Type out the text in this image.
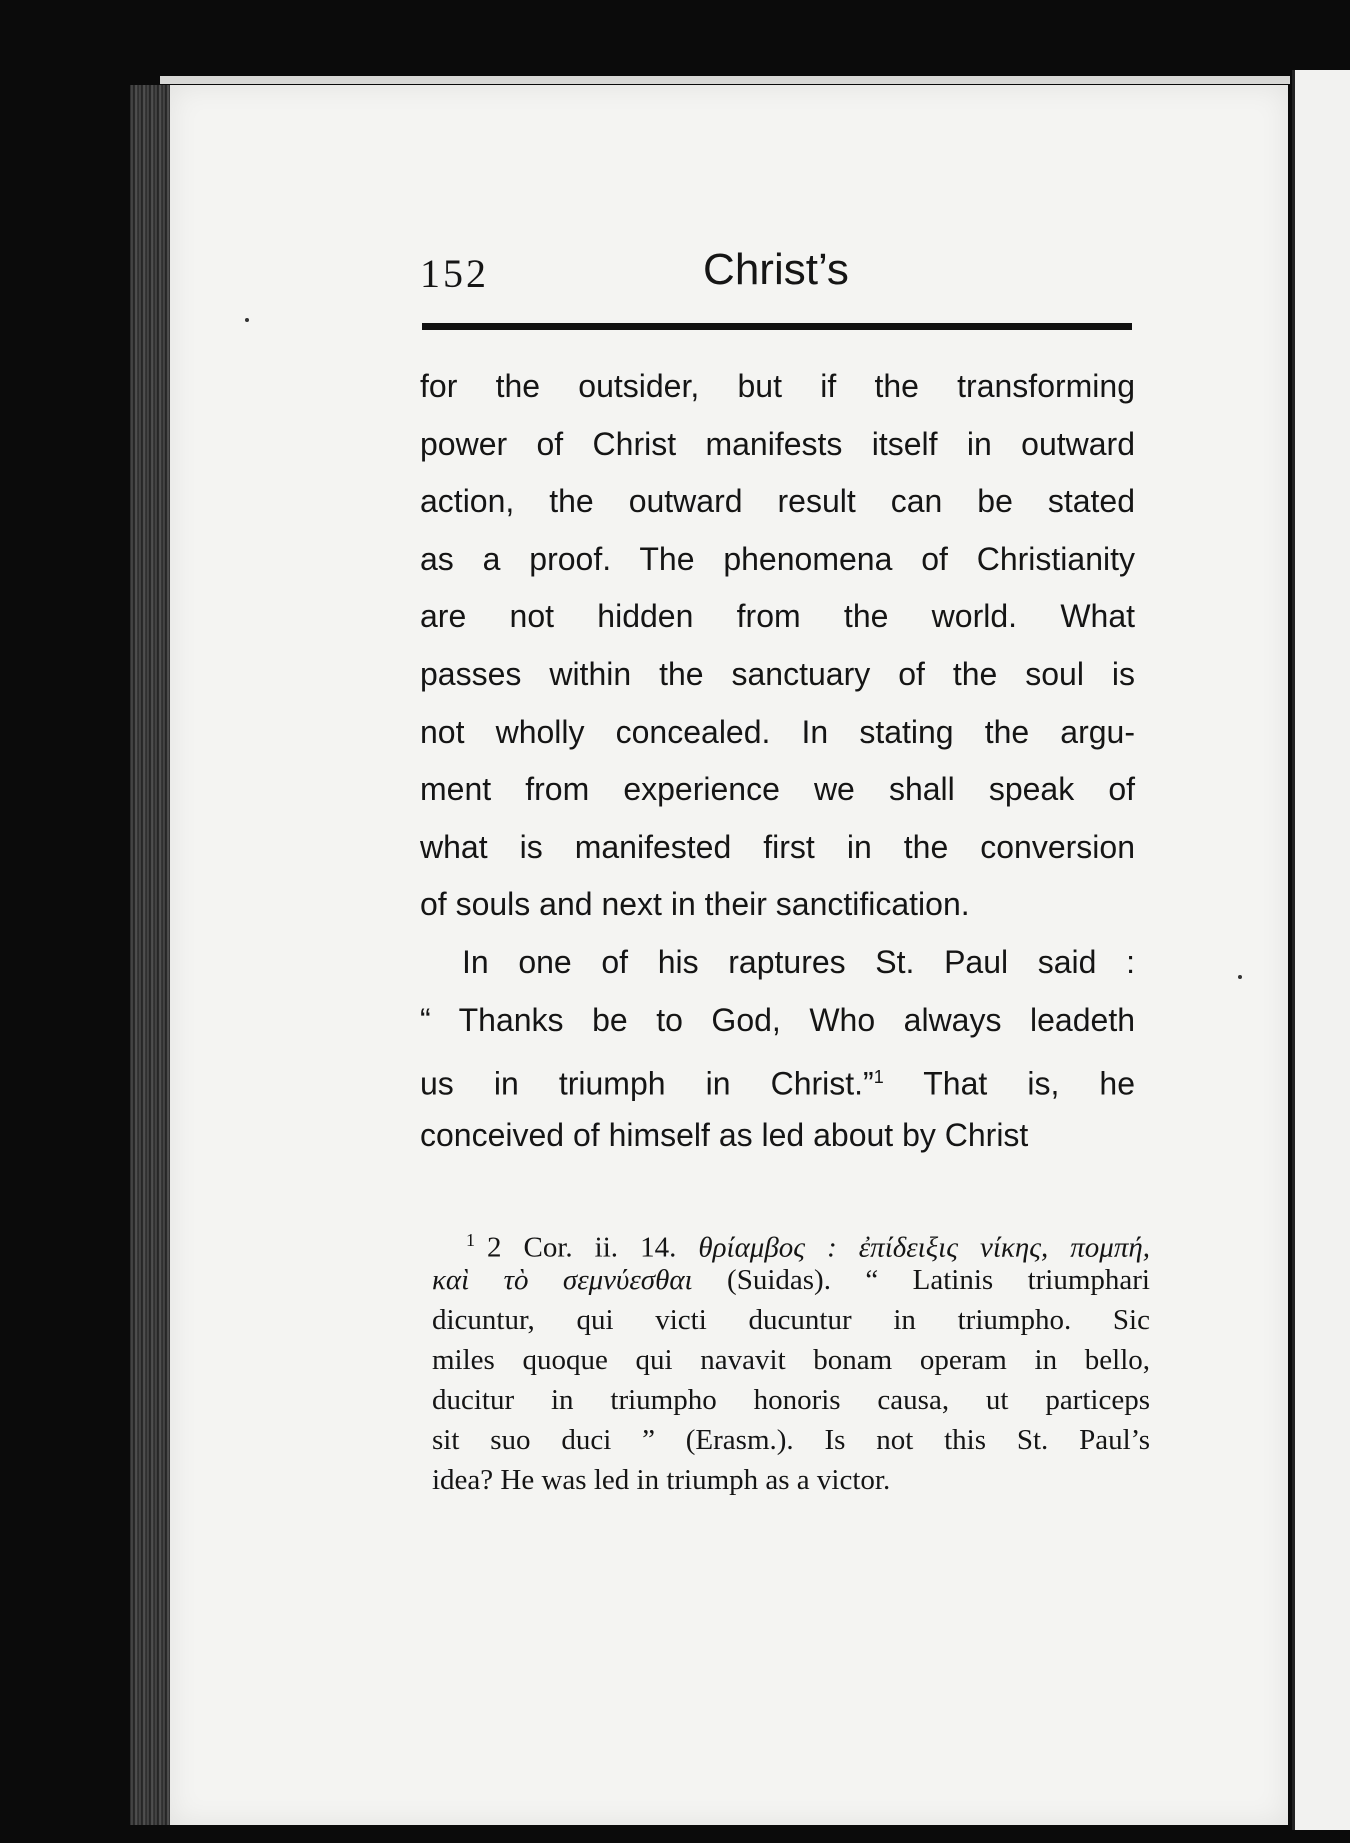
152	Christ’s
for the outsider, but if the transforming
power of Christ manifests itself in outward
action, the outward result can be stated
as a proof. The phenomena of Christianity
are not hidden from the world. What
passes within the sanctuary of the soul is
not wholly concealed. In stating the argu-
ment from experience we shall speak of
what is manifested first in the conversion
of souls and next in their sanctification.
In one of his raptures St. Paul said :
“ Thanks be to God, Who always leadeth
us in triumph in Christ.”$^1$ That is, he
conceived of himself as led about by Christ
$^1$ 2 Cor. ii. 14. θρίαμβος : ἐπίδειξις νίκης, πομπή,
καὶ τὸ σεμνύεσθαι (Suidas). “ Latinis triumphari
dicuntur, qui victi ducuntur in triumpho. Sic
miles quoque qui navavit bonam operam in bello,
ducitur in triumpho honoris causa, ut particeps
sit suo duci ” (Erasm.). Is not this St. Paul’s
idea? He was led in triumph as a victor.
